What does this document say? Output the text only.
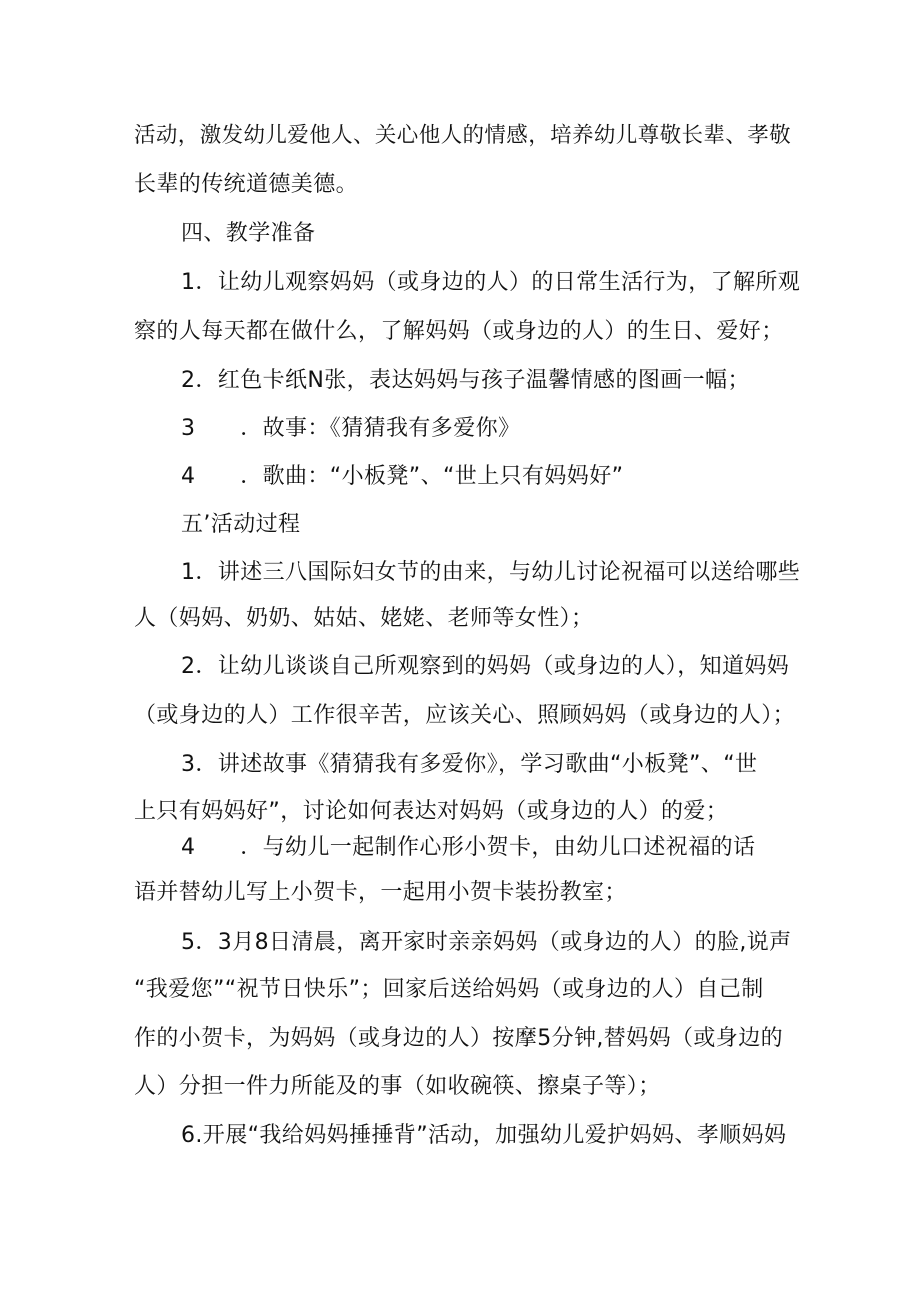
活动，激发幼儿爱他人、关心他人的情感，培养幼儿尊敬长辈、孝敬
长辈的传统道德美德。
四、教学准备
1．让幼儿观察妈妈（或身边的人）的日常生活行为，了解所观
察的人每天都在做什么，了解妈妈（或身边的人）的生日、爱好；
2．红色卡纸N张，表达妈妈与孩子温馨情感的图画一幅；
3　　．故事：《猜猜我有多爱你》
4　　．歌曲：“小板凳”、“世上只有妈妈好”
五’活动过程
1．讲述三八国际妇女节的由来，与幼儿讨论祝福可以送给哪些
人（妈妈、奶奶、姑姑、姥姥、老师等女性）；
2．让幼儿谈谈自己所观察到的妈妈（或身边的人），知道妈妈
（或身边的人）工作很辛苦，应该关心、照顾妈妈（或身边的人）；
3．讲述故事《猜猜我有多爱你》，学习歌曲“小板凳”、“世
上只有妈妈好”，讨论如何表达对妈妈（或身边的人）的爱；
4　　．与幼儿一起制作心形小贺卡，由幼儿口述祝福的话
语并替幼儿写上小贺卡，一起用小贺卡装扮教室；
5．3月8日清晨，离开家时亲亲妈妈（或身边的人）的脸,说声
“我爱您”“祝节日快乐”；回家后送给妈妈（或身边的人）自己制
作的小贺卡，为妈妈（或身边的人）按摩5分钟,替妈妈（或身边的
人）分担一件力所能及的事（如收碗筷、擦桌子等）；
6.开展“我给妈妈捶捶背”活动，加强幼儿爱护妈妈、孝顺妈妈
